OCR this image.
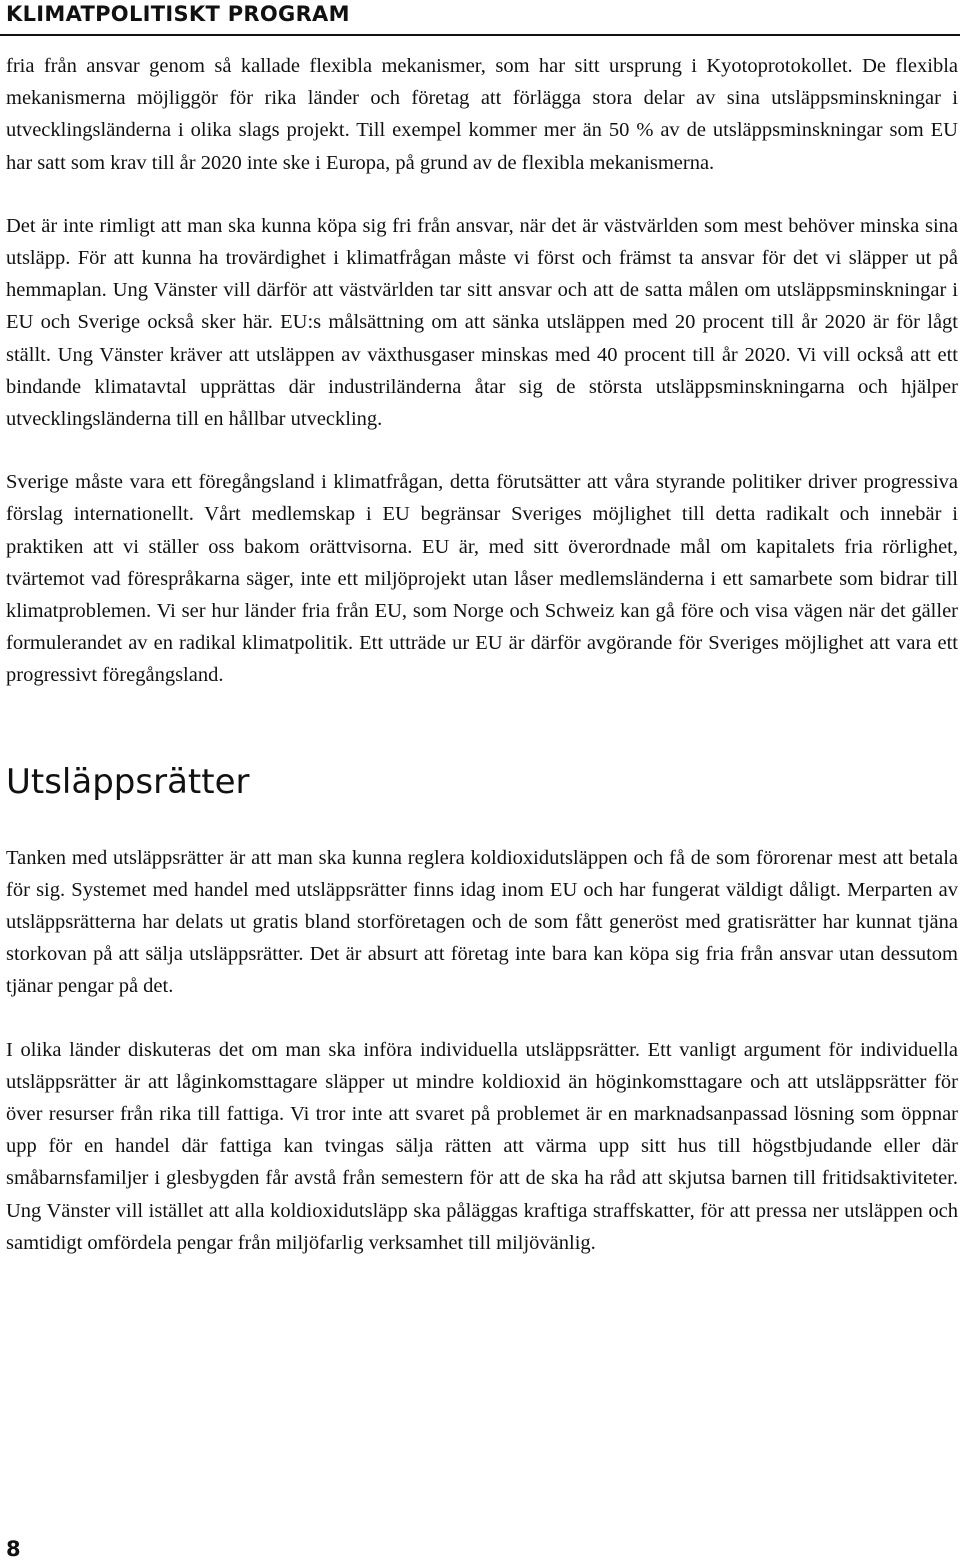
KLIMATPOLITISKT PROGRAM

fria från ansvar genom så kallade flexibla mekanismer, som har sitt ursprung i Kyotoprotokollet. De flexibla mekanismerna möjliggör för rika länder och företag att förlägga stora delar av sina utsläppsminskningar i utvecklingsländerna i olika slags projekt. Till exempel kommer mer än 50 % av de utsläppsminskningar som EU har satt som krav till år 2020 inte ske i Europa, på grund av de flexibla mekanismerna.

Det är inte rimligt att man ska kunna köpa sig fri från ansvar, när det är västvärlden som mest behöver minska sina utsläpp. För att kunna ha trovärdighet i klimatfrågan måste vi först och främst ta ansvar för det vi släpper ut på hemmaplan. Ung Vänster vill därför att västvärlden tar sitt ansvar och att de satta målen om utsläppsminskningar i EU och Sverige också sker här. EU:s målsättning om att sänka utsläppen med 20 procent till år 2020 är för lågt ställt. Ung Vänster kräver att utsläppen av växthusgaser minskas med 40 procent till år 2020. Vi vill också att ett bindande klimatavtal upprättas där industriländerna åtar sig de största utsläppsminskningarna och hjälper utvecklingsländerna till en hållbar utveckling.

Sverige måste vara ett föregångsland i klimatfrågan, detta förutsätter att våra styrande politiker driver progressiva förslag internationellt. Vårt medlemskap i EU begränsar Sveriges möjlighet till detta radikalt och innebär i praktiken att vi ställer oss bakom orättvisorna. EU är, med sitt överordnade mål om kapitalets fria rörlighet, tvärtemot vad förespråkarna säger, inte ett miljöprojekt utan låser medlemsländerna i ett samarbete som bidrar till klimatproblemen. Vi ser hur länder fria från EU, som Norge och Schweiz kan gå före och visa vägen när det gäller formulerandet av en radikal klimatpolitik. Ett utträde ur EU är därför avgörande för Sveriges möjlighet att vara ett progressivt föregångsland.

Utsläppsrätter

Tanken med utsläppsrätter är att man ska kunna reglera koldioxidutsläppen och få de som förorenar mest att betala för sig. Systemet med handel med utsläppsrätter finns idag inom EU och har fungerat väldigt dåligt. Merparten av utsläppsrätterna har delats ut gratis bland storföretagen och de som fått generöst med gratisrätter har kunnat tjäna storkovan på att sälja utsläppsrätter. Det är absurt att företag inte bara kan köpa sig fria från ansvar utan dessutom tjänar pengar på det.

I olika länder diskuteras det om man ska införa individuella utsläppsrätter. Ett vanligt argument för individuella utsläppsrätter är att låginkomsttagare släpper ut mindre koldioxid än höginkomsttagare och att utsläppsrätter för över resurser från rika till fattiga. Vi tror inte att svaret på problemet är en marknadsanpassad lösning som öppnar upp för en handel där fattiga kan tvingas sälja rätten att värma upp sitt hus till högstbjudande eller där småbarnsfamiljer i glesbygden får avstå från semestern för att de ska ha råd att skjutsa barnen till fritidsaktiviteter. Ung Vänster vill istället att alla koldioxidutsläpp ska påläggas kraftiga straffskatter, för att pressa ner utsläppen och samtidigt omfördela pengar från miljöfarlig verksamhet till miljövänlig.

8
